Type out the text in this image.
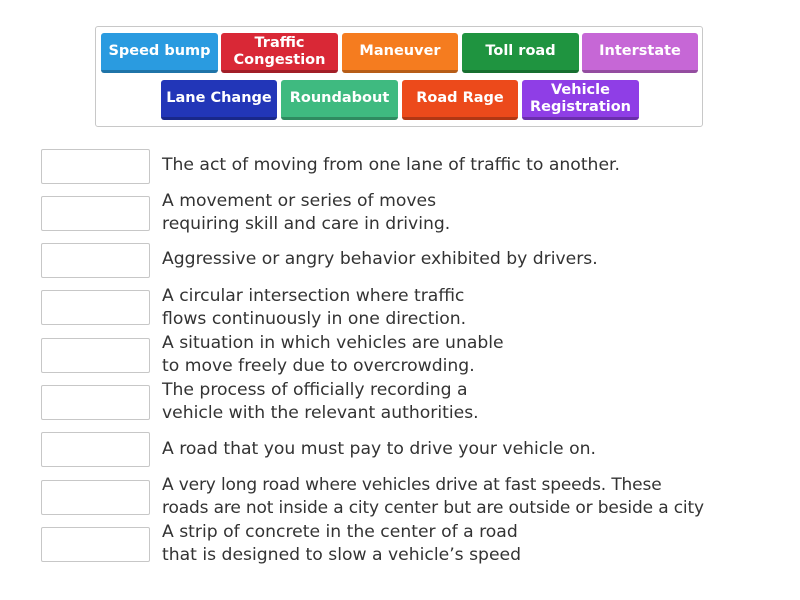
Speed bump
Traffic
Congestion
Maneuver	Toll road	Interstate
Lane Change Roundabout Road Rage
Vehicle
Registration
The act of moving from one lane of traffic to another.
A movement or series of moves
requiring skill and care in driving.
Aggressive or angry behavior exhibited by drivers.
A circular intersection where traffic
flows continuously in one direction.
A situation in which vehicles are unable
to move freely due to overcrowding.
The process of officially recording a
vehicle with the relevant authorities.
A road that you must pay to drive your vehicle on.
A very long road where vehicles drive at fast speeds. These
roads are not inside a city center but are outside or beside a city
A strip of concrete in the center of a road
that is designed to slow a vehicle’s speed
